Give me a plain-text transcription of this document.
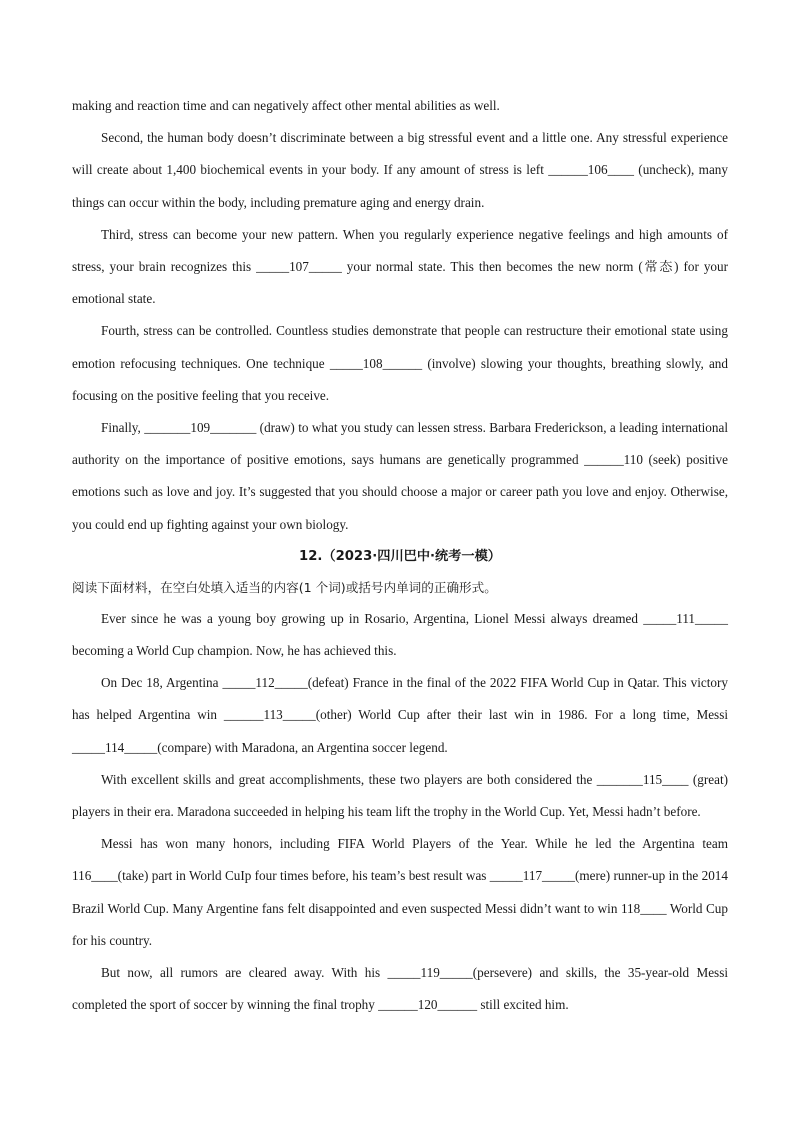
making and reaction time and can negatively affect other mental abilities as well.

Second, the human body doesn’t discriminate between a big stressful event and a little one. Any stressful experience will create about 1,400 biochemical events in your body. If any amount of stress is left ______106____ (uncheck), many things can occur within the body, including premature aging and energy drain.

Third, stress can become your new pattern. When you regularly experience negative feelings and high amounts of stress, your brain recognizes this _____107_____ your normal state. This then becomes the new norm (常态) for your emotional state.

Fourth, stress can be controlled. Countless studies demonstrate that people can restructure their emotional state using emotion refocusing techniques. One technique _____108______ (involve) slowing your thoughts, breathing slowly, and focusing on the positive feeling that you receive.

Finally, _______109_______ (draw) to what you study can lessen stress. Barbara Frederickson, a leading international authority on the importance of positive emotions, says humans are genetically programmed ______110 (seek) positive emotions such as love and joy. It’s suggested that you should choose a major or career path you love and enjoy. Otherwise, you could end up fighting against your own biology.

12.（2023·四川巴中·统考一模）

阅读下面材料，在空白处填入适当的内容(1 个词)或括号内单词的正确形式。

Ever since he was a young boy growing up in Rosario, Argentina, Lionel Messi always dreamed _____111_____ becoming a World Cup champion. Now, he has achieved this.

On Dec 18, Argentina _____112_____(defeat) France in the final of the 2022 FIFA World Cup in Qatar. This victory has helped Argentina win ______113_____(other) World Cup after their last win in 1986. For a long time, Messi _____114_____(compare) with Maradona, an Argentina soccer legend.

With excellent skills and great accomplishments, these two players are both considered the _______115____ (great) players in their era. Maradona succeeded in helping his team lift the trophy in the World Cup. Yet, Messi hadn’t before.

Messi has won many honors, including FIFA World Players of the Year. While he led the Argentina team 116____(take) part in World CuIp four times before, his team’s best result was _____117_____(mere) runner-up in the 2014 Brazil World Cup. Many Argentine fans felt disappointed and even suspected Messi didn’t want to win 118____ World Cup for his country.

But now, all rumors are cleared away. With his _____119_____(persevere) and skills, the 35-year-old Messi completed the sport of soccer by winning the final trophy ______120______ still excited him.
